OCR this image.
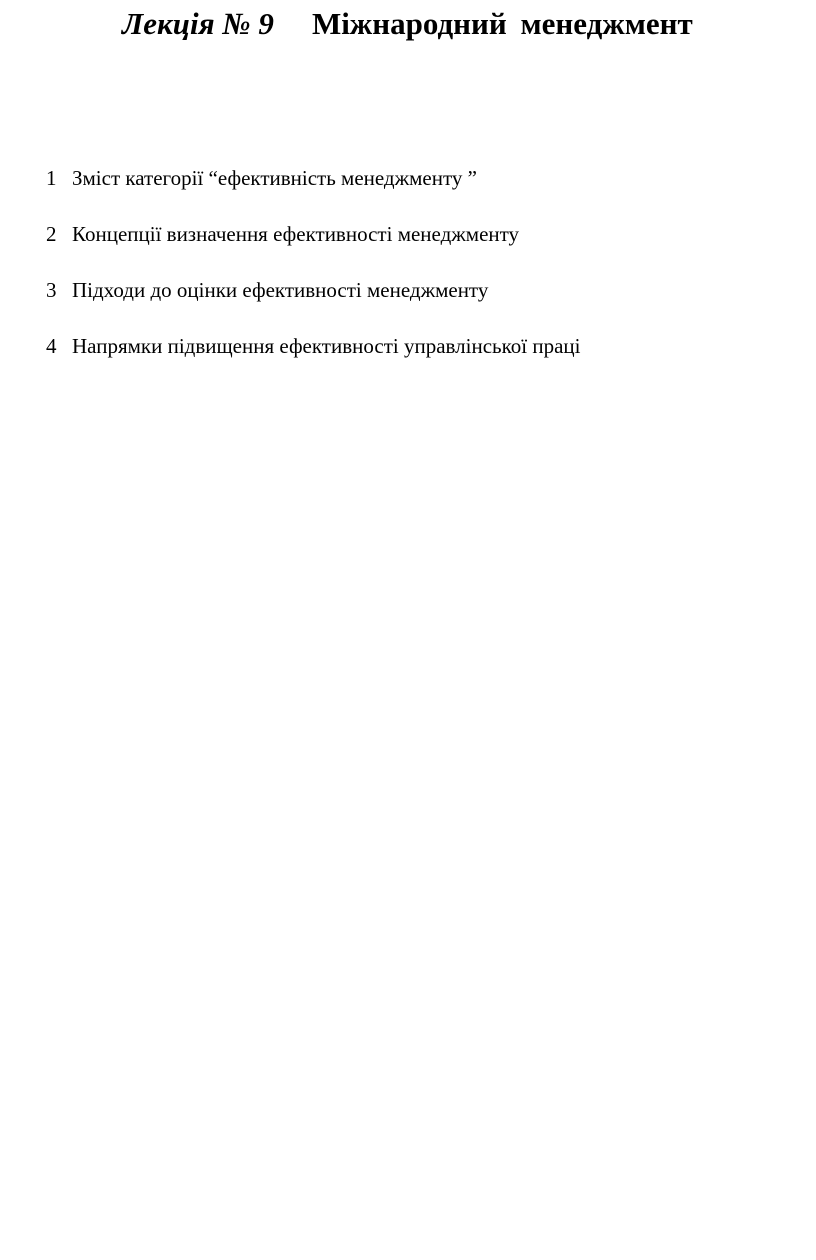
Лекція № 9 Міжнародний менеджмент
1 Зміст категорії “ефективність менеджменту ”
2 Концепції визначення ефективності менеджменту
3 Підходи до оцінки ефективності менеджменту
4 Напрямки підвищення ефективності управлінської праці
